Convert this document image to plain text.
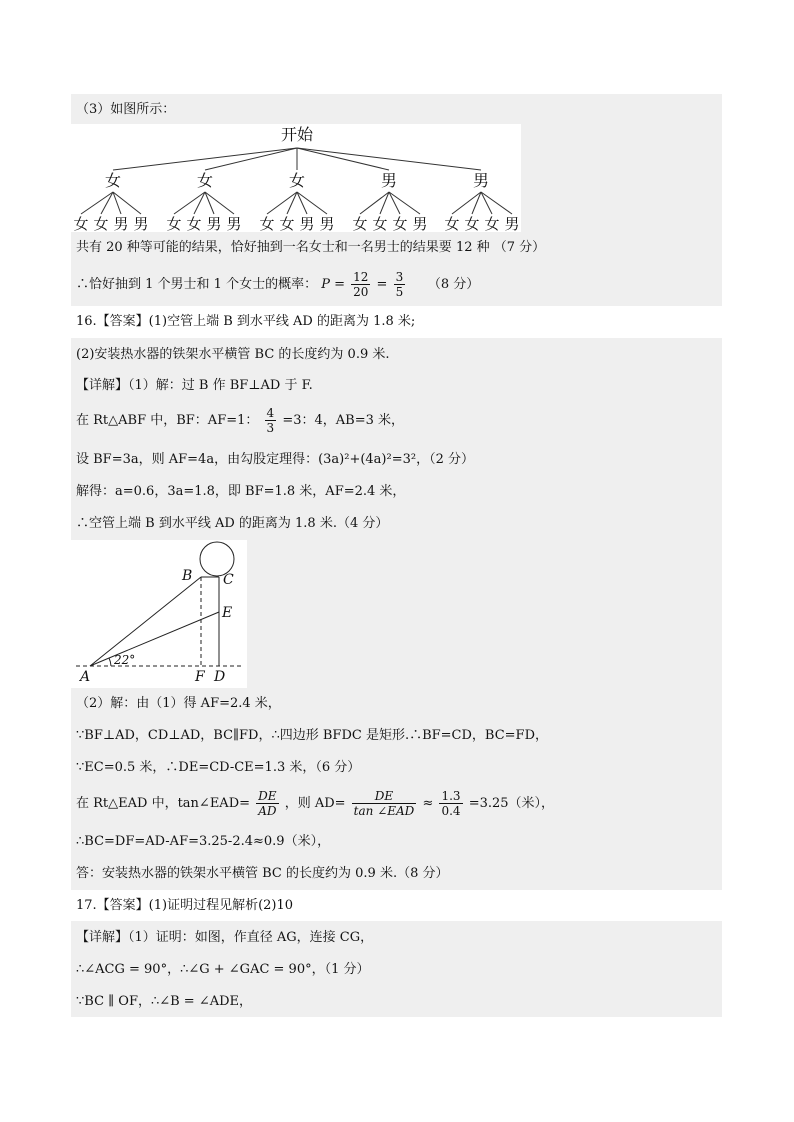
（3）如图所示：
开始
女	女	女	男	男
女 女 男 男 女 女 男 男 女 女 男 男 女 女 女 男 女 女 女 男
共有 20 种等可能的结果，恰好抽到一名女士和一名男士的结果要 12 种 （7 分）
∴恰好抽到 1 个男士和 1 个女士的概率： $P = \frac{12}{20} = \frac{3}{5} (8$ 分）
16.【答案】(1)空管上端 B 到水平线 AD 的距离为 1.8 米;
(2)安装热水器的铁架水平横管 BC 的长度约为 0.9 米.
【详解】（1）解：过 B 作 BF⊥AD 于 F.
在 Rt△ABF 中，BF：AF=1： $\frac{4}{3} =3$：4，AB=3 米，
设 BF=3a，则 AF=4a，由勾股定理得：(3a)²+(4a)²=3²，（2 分）
解得：a=0.6，3a=1.8，即 BF=1.8 米，AF=2.4 米，
∴空管上端 B 到水平线 AD 的距离为 1.8 米.（4 分）
B C
E
A	F D
22°
（2）解：由（1）得 AF=2.4 米，
∵BF⊥AD，CD⊥AD，BC∥FD，∴四边形 BFDC 是矩形.∴BF=CD，BC=FD，
∵EC=0.5 米，∴DE=CD-CE=1.3 米，（6 分）
在 Rt△EAD 中，tan∠EAD= $\frac{DE}{AD}$ ，则 $AD= \frac{DE}{\text{tan ∠EAD}} \approx \frac{1.3}{0.4} =3.25$（米），
∴BC=DF=AD-AF=3.25-2.4≈0.9（米），
答：安装热水器的铁架水平横管 BC 的长度约为 0.9 米.（8 分）
17.【答案】(1)证明过程见解析(2)10
【详解】（1）证明：如图，作直径 AG，连接 CG，
∴∠ACG = 90°，∴∠G + ∠GAC = 90°，（1 分）
∵BC ∥ OF，∴∠B = ∠ADE，
